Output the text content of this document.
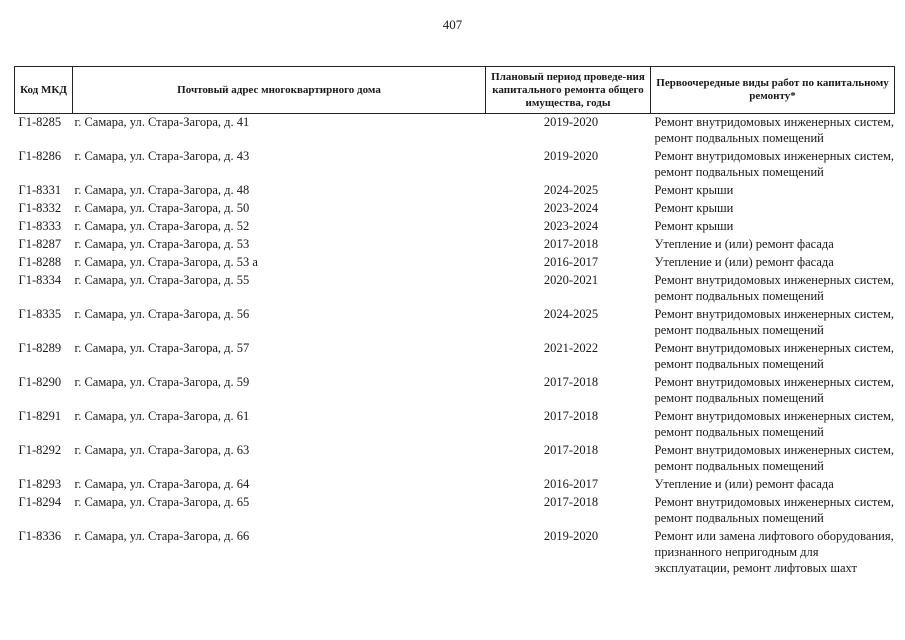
407
Код МКД	Почтовый адрес многоквартирного дома	Плановый период проведе-ния капитального ремонта общего имущества, годы	Первоочередные виды работ по капитальному ремонту*
Г1-8285	г. Самара, ул. Стара-Загора, д. 41	2019-2020	Ремонт внутридомовых инженерных систем, ремонт подвальных помещений
Г1-8286	г. Самара, ул. Стара-Загора, д. 43	2019-2020	Ремонт внутридомовых инженерных систем, ремонт подвальных помещений
Г1-8331	г. Самара, ул. Стара-Загора, д. 48	2024-2025	Ремонт крыши
Г1-8332	г. Самара, ул. Стара-Загора, д. 50	2023-2024	Ремонт крыши
Г1-8333	г. Самара, ул. Стара-Загора, д. 52	2023-2024	Ремонт крыши
Г1-8287	г. Самара, ул. Стара-Загора, д. 53	2017-2018	Утепление и (или) ремонт фасада
Г1-8288	г. Самара, ул. Стара-Загора, д. 53 а	2016-2017	Утепление и (или) ремонт фасада
Г1-8334	г. Самара, ул. Стара-Загора, д. 55	2020-2021	Ремонт внутридомовых инженерных систем, ремонт подвальных помещений
Г1-8335	г. Самара, ул. Стара-Загора, д. 56	2024-2025	Ремонт внутридомовых инженерных систем, ремонт подвальных помещений
Г1-8289	г. Самара, ул. Стара-Загора, д. 57	2021-2022	Ремонт внутридомовых инженерных систем, ремонт подвальных помещений
Г1-8290	г. Самара, ул. Стара-Загора, д. 59	2017-2018	Ремонт внутридомовых инженерных систем, ремонт подвальных помещений
Г1-8291	г. Самара, ул. Стара-Загора, д. 61	2017-2018	Ремонт внутридомовых инженерных систем, ремонт подвальных помещений
Г1-8292	г. Самара, ул. Стара-Загора, д. 63	2017-2018	Ремонт внутридомовых инженерных систем, ремонт подвальных помещений
Г1-8293	г. Самара, ул. Стара-Загора, д. 64	2016-2017	Утепление и (или) ремонт фасада
Г1-8294	г. Самара, ул. Стара-Загора, д. 65	2017-2018	Ремонт внутридомовых инженерных систем, ремонт подвальных помещений
Г1-8336	г. Самара, ул. Стара-Загора, д. 66	2019-2020	Ремонт или замена лифтового оборудования, признанного непригодным для эксплуатации, ремонт лифтовых шахт
